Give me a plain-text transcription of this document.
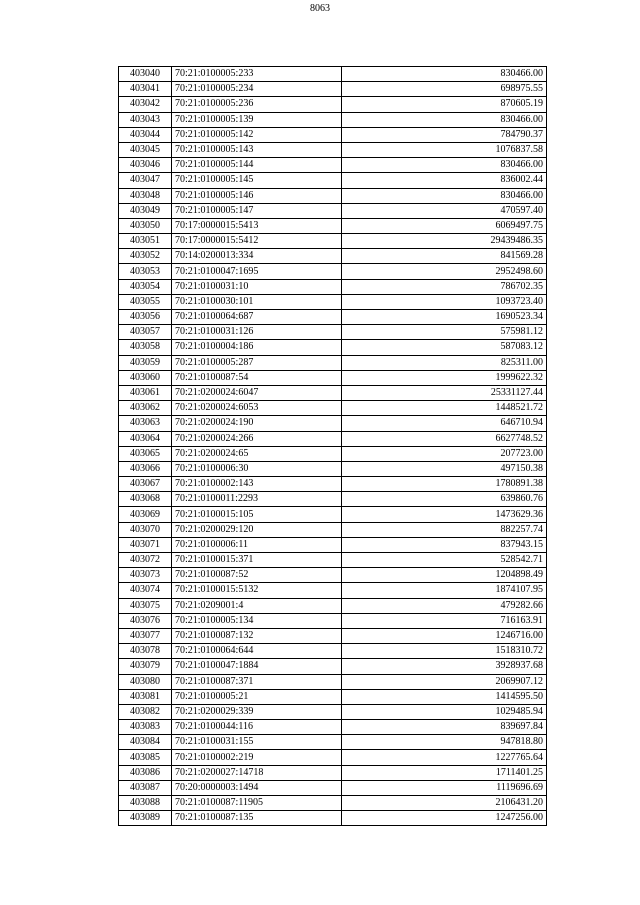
8063
403040	70:21:0100005:233	830466.00
403041	70:21:0100005:234	698975.55
403042	70:21:0100005:236	870605.19
403043	70:21:0100005:139	830466.00
403044	70:21:0100005:142	784790.37
403045	70:21:0100005:143	1076837.58
403046	70:21:0100005:144	830466.00
403047	70:21:0100005:145	836002.44
403048	70:21:0100005:146	830466.00
403049	70:21:0100005:147	470597.40
403050	70:17:0000015:5413	6069497.75
403051	70:17:0000015:5412	29439486.35
403052	70:14:0200013:334	841569.28
403053	70:21:0100047:1695	2952498.60
403054	70:21:0100031:10	786702.35
403055	70:21:0100030:101	1093723.40
403056	70:21:0100064:687	1690523.34
403057	70:21:0100031:126	575981.12
403058	70:21:0100004:186	587083.12
403059	70:21:0100005:287	825311.00
403060	70:21:0100087:54	1999622.32
403061	70:21:0200024:6047	25331127.44
403062	70:21:0200024:6053	1448521.72
403063	70:21:0200024:190	646710.94
403064	70:21:0200024:266	6627748.52
403065	70:21:0200024:65	207723.00
403066	70:21:0100006:30	497150.38
403067	70:21:0100002:143	1780891.38
403068	70:21:0100011:2293	639860.76
403069	70:21:0100015:105	1473629.36
403070	70:21:0200029:120	882257.74
403071	70:21:0100006:11	837943.15
403072	70:21:0100015:371	528542.71
403073	70:21:0100087:52	1204898.49
403074	70:21:0100015:5132	1874107.95
403075	70:21:0209001:4	479282.66
403076	70:21:0100005:134	716163.91
403077	70:21:0100087:132	1246716.00
403078	70:21:0100064:644	1518310.72
403079	70:21:0100047:1884	3928937.68
403080	70:21:0100087:371	2069907.12
403081	70:21:0100005:21	1414595.50
403082	70:21:0200029:339	1029485.94
403083	70:21:0100044:116	839697.84
403084	70:21:0100031:155	947818.80
403085	70:21:0100002:219	1227765.64
403086	70:21:0200027:14718	1711401.25
403087	70:20:0000003:1494	1119696.69
403088	70:21:0100087:11905	2106431.20
403089	70:21:0100087:135	1247256.00
